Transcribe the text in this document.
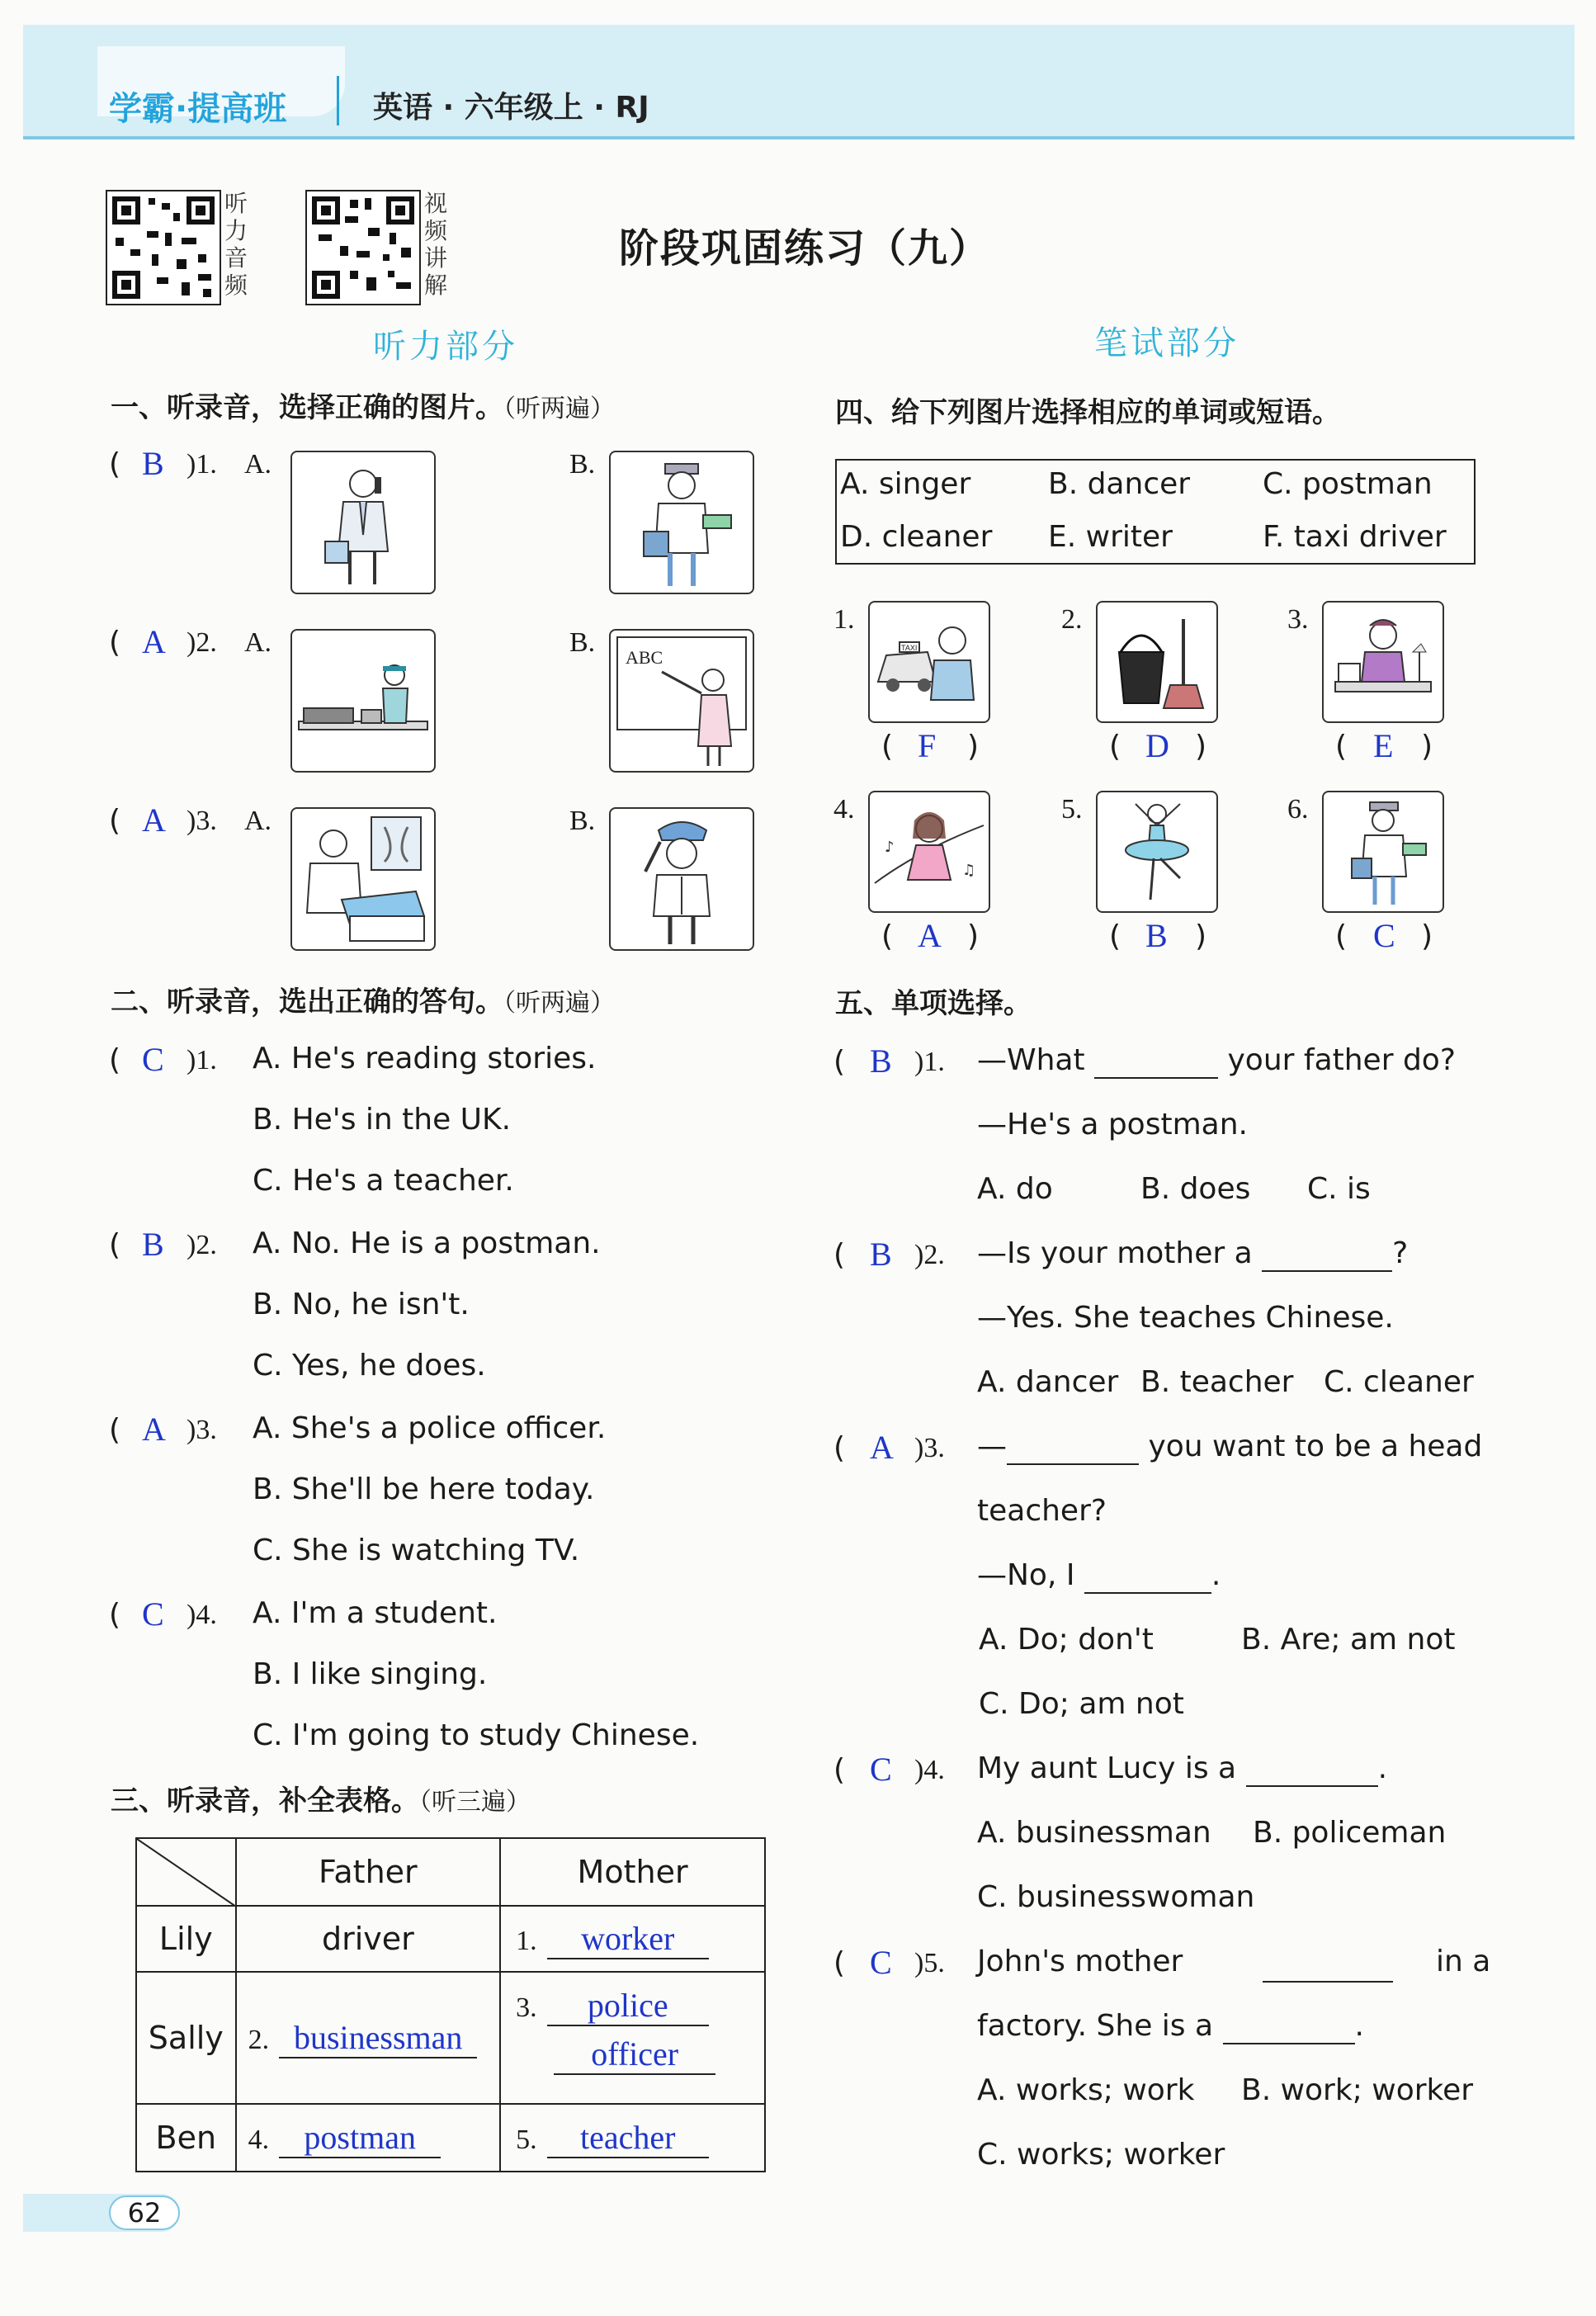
学霸·提高班	英语 · 六年级上 · RJ
听力音频
视频讲解
阶段巩固练习（九）
听力部分	笔试部分
一、听录音，选择正确的图片。（听两遍）
( B )1. A.	B.
( A )2. A.	B. ABC
( A )3. A.	B.
二、听录音，选出正确的答句。（听两遍）
( C )1. A. He's reading stories.
B. He's in the UK.
C. He's a teacher.
( B )2. A. No. He is a postman.
B. No, he isn't.
C. Yes, he does.
( A )3. A. She's a police officer.
B. She'll be here today.
C. She is watching TV.
( C )4. A. I'm a student.
B. I like singing.
C. I'm going to study Chinese.
三、听录音，补全表格。（听三遍）
	Father	Mother
Lily	driver	1. worker
Sally	2. businessman	3. police
officer

Ben	4. postman	5. teacher
四、给下列图片选择相应的单词或短语。
A. singer	B. dancer C. postman
D. cleaner E. writer	F. taxi driver
1.
TAXI
( F )
2.
( D )
3.
( E )
4.
♪
♫
( A )
5.
( B )
6.
( C )
五、单项选择。
( B )1. —What	your father do?
—He's a postman.
A. do	B. does C. is
( B )2. —Is your mother a	?
—Yes. She teaches Chinese.
A. dancer B. teacher C. cleaner
( A )3. —	you want to be a head
teacher?
—No, I	.
A. Do; don't	B. Are; am not
C. Do; am not
( C )4. My aunt Lucy is a	.
A. businessman B. policeman
C. businesswoman
( C )5. John's mother	in a
factory. She is a	.
A. works; work B. work; worker
C. works; worker
62
